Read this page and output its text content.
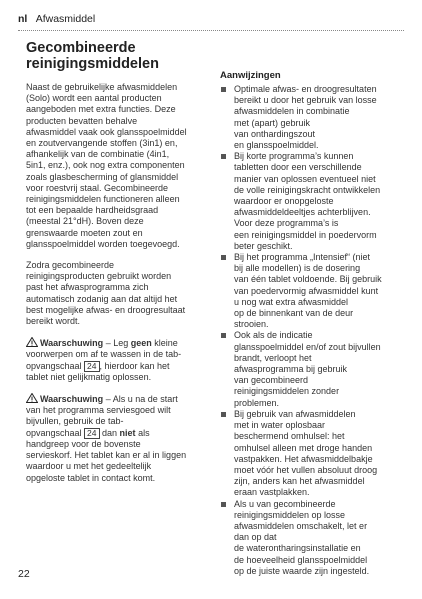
nl Afwasmiddel
Gecombineerde
reinigingsmiddelen

Naast de gebruikelijke afwasmiddelen
(Solo) wordt een aantal producten
aangeboden met extra functies. Deze
producten bevatten behalve
afwasmiddel vaak ook glansspoelmiddel
en zoutvervangende stoffen (3in1) en,
afhankelijk van de combinatie (4in1,
5in1, enz.), ook nog extra componenten
zoals glasbescherming of glansmiddel
voor roestvrij staal. Gecombineerde
reinigingsmiddelen functioneren alleen
tot een bepaalde hardheidsgraad
(meestal 21°dH). Boven deze
grenswaarde moeten zout en
glansspoelmiddel worden toegevoegd.

Zodra gecombineerde
reinigingsproducten gebruikt worden
past het afwasprogramma zich
automatisch zodanig aan dat altijd het
best mogelijke afwas- en droogresultaat
bereikt wordt.

Waarschuwing – Leg geen kleine
voorwerpen om af te wassen in de tab-
opvangschaal 24 , hierdoor kan het
tablet niet gelijkmatig oplossen.
Waarschuwing – Als u na de start
van het programma serviesgoed wilt
bijvullen, gebruik de tab-
opvangschaal 24 dan niet als
handgreep voor de bovenste
servieskorf. Het tablet kan er al in liggen
waardoor u met het gedeeltelijk
opgeloste tablet in contact komt.
Aanwijzingen
Optimale afwas- en droogresultaten
bereikt u door het gebruik van losse
afwasmiddelen in combinatie
met (apart) gebruik
van onthardingszout
en glansspoelmiddel.
Bij korte programma’s kunnen
tabletten door een verschillende
manier van oplossen eventueel niet
de volle reinigingskracht ontwikkelen
waardoor er onopgeloste
afwasmiddeldeeltjes achterblijven.
Voor deze programma’s is
een reinigingsmiddel in poedervorm
beter geschikt.
Bij het programma „Intensief“ (niet
bij alle modellen) is de dosering
van één tablet voldoende. Bij gebruik
van poedervormig afwasmiddel kunt
u nog wat extra afwasmiddel
op de binnenkant van de deur
strooien.
Ook als de indicatie
glansspoelmiddel en/of zout bijvullen
brandt, verloopt het
afwasprogramma bij gebruik
van gecombineerd
reinigingsmiddelen zonder
problemen.
Bij gebruik van afwasmiddelen
met in water oplosbaar
beschermend omhulsel: het
omhulsel alleen met droge handen
vastpakken. Het afwasmiddelbakje
moet vóór het vullen absoluut droog
zijn, anders kan het afwasmiddel
eraan vastplakken.
Als u van gecombineerde
reinigingsmiddelen op losse
afwasmiddelen omschakelt, let er
dan op dat
de waterontharingsinstallatie en
de hoeveelheid glansspoelmiddel
op de juiste waarde zijn ingesteld.
22
